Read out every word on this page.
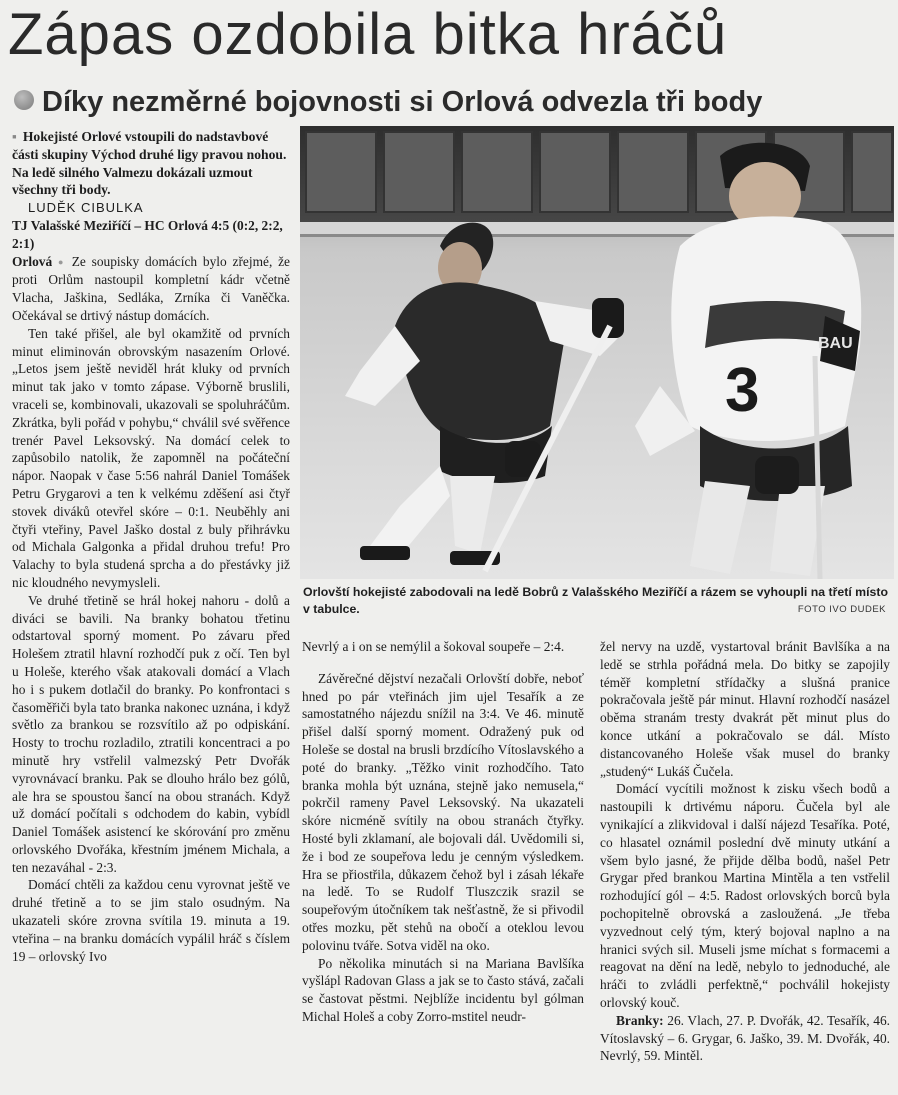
Zápas ozdobila bitka hráčů
Díky nezměrné bojovnosti si Orlová odvezla tři body

▪ Hokejisté Orlové vstoupili do nadstavbové části skupiny Východ druhé ligy pravou nohou. Na ledě silného Valmezu dokázali uzmout všechny tři body.

LUDĚK CIBULKA

TJ Valašské Meziříčí – HC Orlová 4:5 (0:2, 2:2, 2:1)

Orlová ● Ze soupisky domácích bylo zřejmé, že proti Orlům nastoupil kompletní kádr včetně Vlacha, Jaškina, Sedláka, Zrníka či Vaněčka. Očekával se drtivý nástup domácích.

Ten také přišel, ale byl okamžitě od prvních minut eliminován obrovským nasazením Orlové. „Letos jsem ještě neviděl hrát kluky od prvních minut tak jako v tomto zápase. Výborně bruslili, vraceli se, kombinovali, ukazovali se spoluhráčům. Zkrátka, byli pořád v pohybu,“ chválil své svěřence trenér Pavel Leksovský. Na domácí celek to zapůsobilo natolik, že zapomněl na počáteční nápor. Naopak v čase 5:56 nahrál Daniel Tomášek Petru Grygarovi a ten k velkému zděšení asi čtyř stovek diváků otevřel skóre – 0:1. Neuběhly ani čtyři vteřiny, Pavel Jaško dostal z buly přihrávku od Michala Galgonka a přidal druhou trefu! Pro Valachy to byla studená sprcha a do přestávky již nic kloudného nevymysleli.

Ve druhé třetině se hrál hokej nahoru - dolů a diváci se bavili. Na branky bohatou třetinu odstartoval sporný moment. Po závaru před Holešem ztratil hlavní rozhodčí puk z očí. Ten byl u Holeše, kterého však atakovali domácí a Vlach ho i s pukem dotlačil do branky. Po konfrontaci s časoměřiči byla tato branka nakonec uznána, i když světlo za brankou se rozsvítilo až po odpiskání. Hosty to trochu rozladilo, ztratili koncentraci a po minutě hry vstřelil valmezský Petr Dvořák vyrovnávací branku. Pak se dlouho hrálo bez gólů, ale hra se spoustou šancí na obou stranách. Když už domácí počítali s odchodem do kabin, vybídl Daniel Tomášek asistencí ke skórování pro změnu orlovského Dvořáka, křestním jménem Michala, a ten nezaváhal - 2:3.

Domácí chtěli za každou cenu vyrovnat ještě ve druhé třetině a to se jim stalo osudným. Na ukazateli skóre zrovna svítila 19. minuta a 19. vteřina – na branku domácích vypálil hráč s číslem 19 – orlovský Ivo

3
BAU
Orlovští hokejisté zabodovali na ledě Bobrů z Valašského Meziříčí a rázem se vyhoupli na třetí místo v tabulce.	FOTO IVO DUDEK

Nevrlý a i on se nemýlil a šokoval soupeře – 2:4.

Závěrečné dějství nezačali Orlovští dobře, neboť hned po pár vteřinách jim ujel Tesařík a ze samostatného nájezdu snížil na 3:4. Ve 46. minutě přišel další sporný moment. Odražený puk od Holeše se dostal na brusli brzdícího Vítoslavského a poté do branky. „Těžko vinit rozhodčího. Tato branka mohla být uznána, stejně jako nemusela,“ pokrčil rameny Pavel Leksovský. Na ukazateli skóre nicméně svítily na obou stranách čtyřky. Hosté byli zklamaní, ale bojovali dál. Uvědomili si, že i bod ze soupeřova ledu je cenným výsledkem. Hra se přiostřila, důkazem čehož byl i zásah lékaře na ledě. To se Rudolf Tluszczik srazil se soupeřovým útočníkem tak nešťastně, že si přivodil otřes mozku, pět stehů na obočí a oteklou levou polovinu tváře. Sotva viděl na oko.

Po několika minutách si na Mariana Bavlšíka vyšlápl Radovan Glass a jak se to často stává, začali se častovat pěstmi. Nejblíže incidentu byl gólman Michal Holeš a coby Zorro-mstitel neudr-

žel nervy na uzdě, vystartoval bránit Bavlšíka a na ledě se strhla pořádná mela. Do bitky se zapojily téměř kompletní střídačky a slušná pranice pokračovala ještě pár minut. Hlavní rozhodčí nasázel oběma stranám tresty dvakrát pět minut plus do konce utkání a pokračovalo se dál. Místo distancovaného Holeše však musel do branky „studený“ Lukáš Čučela.

Domácí vycítili možnost k zisku všech bodů a nastoupili k drtivému náporu. Čučela byl ale vynikající a zlikvidoval i další nájezd Tesaříka. Poté, co hlasatel oznámil poslední dvě minuty utkání a všem bylo jasné, že přijde dělba bodů, našel Petr Grygar před brankou Martina Mintěla a ten vstřelil rozhodující gól – 4:5. Radost orlovských borců byla pochopitelně obrovská a zasloužená. „Je třeba vyzvednout celý tým, který bojoval naplno a na hranici svých sil. Museli jsme míchat s formacemi a reagovat na dění na ledě, nebylo to jednoduché, ale hráči to zvládli perfektně,“ pochválil hokejisty orlovský kouč.

Branky: 26. Vlach, 27. P. Dvořák, 42. Tesařík, 46. Vítoslavský – 6. Grygar, 6. Jaško, 39. M. Dvořák, 40. Nevrlý, 59. Mintěl.
